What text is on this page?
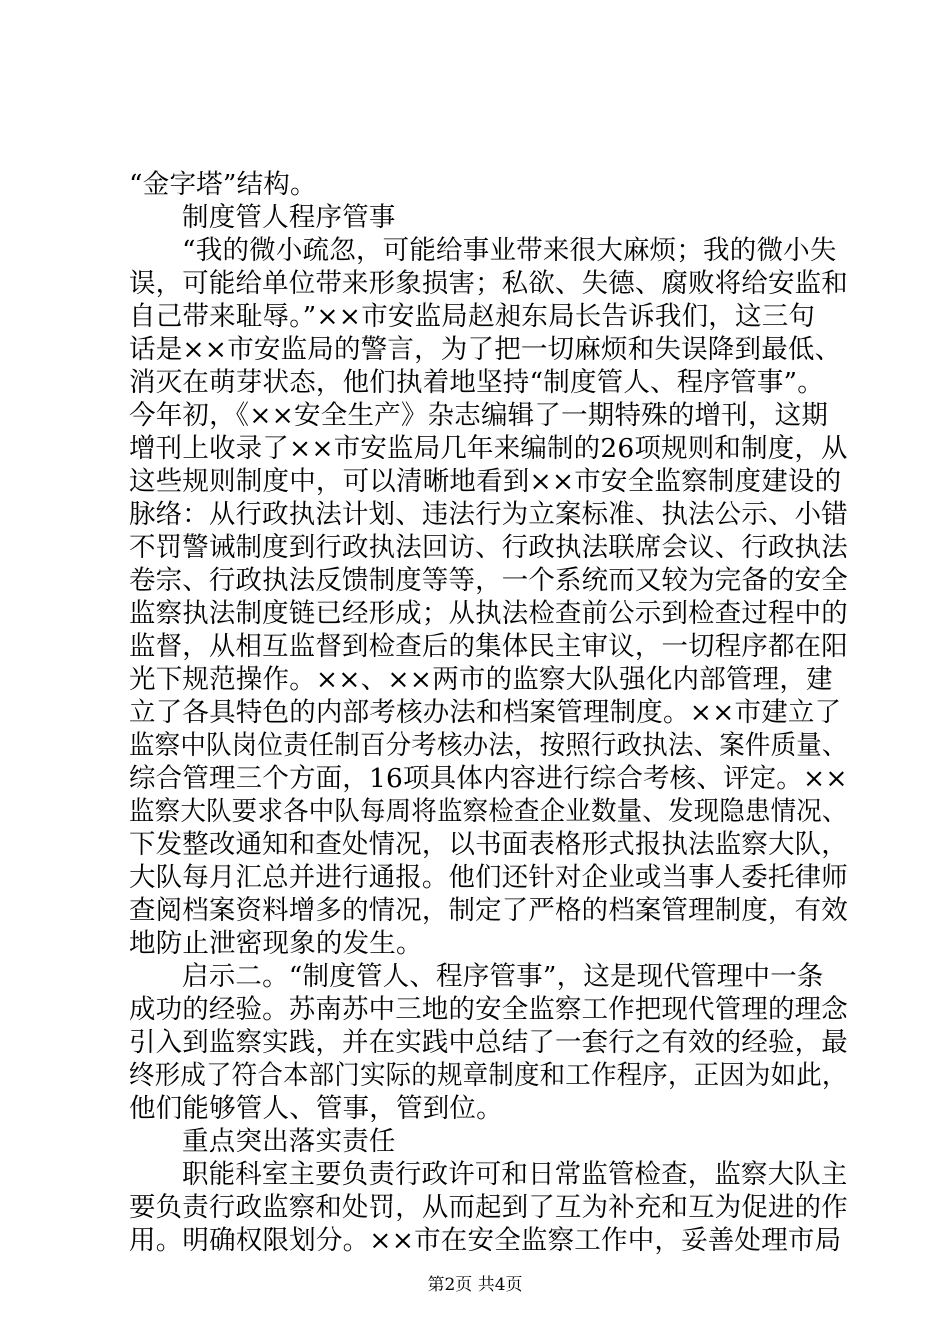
“金字塔”结构。
制度管人程序管事
“我的微小疏忽，可能给事业带来很大麻烦；我的微小失
误，可能给单位带来形象损害；私欲、失德、腐败将给安监和
自己带来耻辱。”××市安监局赵昶东局长告诉我们，这三句
话是××市安监局的警言，为了把一切麻烦和失误降到最低、
消灭在萌芽状态，他们执着地坚持“制度管人、程序管事”。
今年初，《××安全生产》杂志编辑了一期特殊的增刊，这期
增刊上收录了××市安监局几年来编制的26项规则和制度，从
这些规则制度中，可以清晰地看到××市安全监察制度建设的
脉络：从行政执法计划、违法行为立案标准、执法公示、小错
不罚警诫制度到行政执法回访、行政执法联席会议、行政执法
卷宗、行政执法反馈制度等等，一个系统而又较为完备的安全
监察执法制度链已经形成；从执法检查前公示到检查过程中的
监督，从相互监督到检查后的集体民主审议，一切程序都在阳
光下规范操作。××、××两市的监察大队强化内部管理，建
立了各具特色的内部考核办法和档案管理制度。××市建立了
监察中队岗位责任制百分考核办法，按照行政执法、案件质量、
综合管理三个方面，16项具体内容进行综合考核、评定。××
监察大队要求各中队每周将监察检查企业数量、发现隐患情况、
下发整改通知和查处情况，以书面表格形式报执法监察大队，
大队每月汇总并进行通报。他们还针对企业或当事人委托律师
查阅档案资料增多的情况，制定了严格的档案管理制度，有效
地防止泄密现象的发生。
启示二。“制度管人、程序管事”，这是现代管理中一条
成功的经验。苏南苏中三地的安全监察工作把现代管理的理念
引入到监察实践，并在实践中总结了一套行之有效的经验，最
终形成了符合本部门实际的规章制度和工作程序，正因为如此，
他们能够管人、管事，管到位。
重点突出落实责任
职能科室主要负责行政许可和日常监管检查，监察大队主
要负责行政监察和处罚，从而起到了互为补充和互为促进的作
用。明确权限划分。××市在安全监察工作中，妥善处理市局
第2页 共4页
